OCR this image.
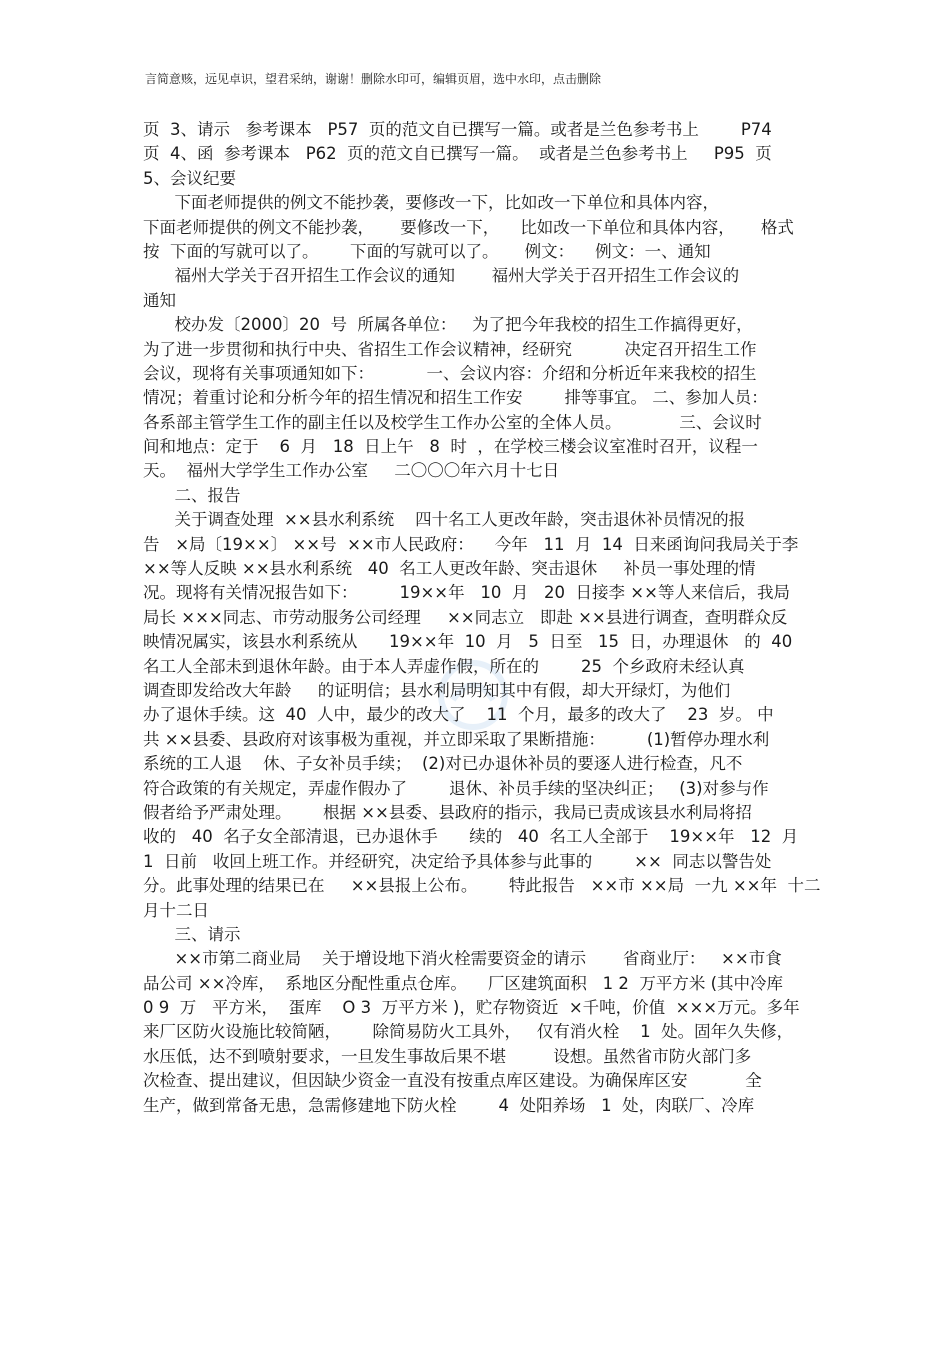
言简意赅，远见卓识，望君采纳，谢谢！删除水印可，编辑页眉，选中水印，点击删除
页  3、请示   参考课本   P57  页的范文自已撰写一篇。或者是兰色参考书上        P74
页  4、函  参考课本   P62  页的范文自已撰写一篇。  或者是兰色参考书上     P95  页
5、会议纪要
下面老师提供的例文不能抄袭，要修改一下，比如改一下单位和具体内容，
下面老师提供的例文不能抄袭，     要修改一下，    比如改一下单位和具体内容，     格式
按  下面的写就可以了。      下面的写就可以了。     例文：    例文：一、通知
福州大学关于召开招生工作会议的通知       福州大学关于召开招生工作会议的
通知
校办发〔2000〕20  号  所属各单位：   为了把今年我校的招生工作搞得更好，
为了进一步贯彻和执行中央、省招生工作会议精神，经研究          决定召开招生工作
会议，现将有关事项通知如下：          一、会议内容：介绍和分析近年来我校的招生
情况；着重讨论和分析今年的招生情况和招生工作安        排等事宜。 二、参加人员：
各系部主管学生工作的副主任以及校学生工作办公室的全体人员。           三、会议时
间和地点：定于    6  月   18  日上午   8  时  ，在学校三楼会议室准时召开，议程一
天。  福州大学学生工作办公室     二〇〇〇年六月十七日
二、报告
关于调查处理  ××县水利系统    四十名工人更改年龄，突击退休补员情况的报
告   ×局〔19××〕 ××号  ××市人民政府：    今年   11  月  14  日来函询问我局关于李
××等人反映 ××县水利系统   40  名工人更改年龄、突击退休     补员一事处理的情
况。现将有关情况报告如下：        19××年   10  月   20  日接李 ××等人来信后，我局
局长 ×××同志、市劳动服务公司经理     ××同志立   即赴 ××县进行调查，查明群众反
映情况属实，该县水利系统从      19××年  10  月   5  日至   15  日，办理退休   的  40
名工人全部未到退休年龄。由于本人弄虚作假，所在的        25  个乡政府未经认真
调查即发给改大年龄     的证明信；县水利局明知其中有假，却大开绿灯，为他们
办了退休手续。这  40  人中，最少的改大了    11  个月，最多的改大了    23  岁。 中
共 ××县委、县政府对该事极为重视，并立即采取了果断措施：        (1)暂停办理水利
系统的工人退    休、子女补员手续；  (2)对已办退休补员的要逐人进行检查，凡不
符合政策的有关规定，弄虚作假办了        退休、补员手续的坚决纠正；   (3)对参与作
假者给予严肃处理。      根据 ××县委、县政府的指示，我局已责成该县水利局将招
收的   40  名子女全部清退，已办退休手      续的   40  名工人全部于    19××年   12  月
1  日前   收回上班工作。并经研究，决定给予具体参与此事的        ××  同志以警告处
分。此事处理的结果已在     ××县报上公布。      特此报告   ××市 ××局  一九 ××年  十二
月十二日
三、请示
××市第二商业局    关于增设地下消火栓需要资金的请示       省商业厅：   ××市食
品公司 ××冷库，  系地区分配性重点仓库。    厂区建筑面积   1 2  万平方米 (其中冷库
0 9  万   平方米，  蛋库    O 3  万平方米 )，贮存物资近  ×千吨，价值  ×××万元。多年
来厂区防火设施比较简陋，      除简易防火工具外，   仅有消火栓    1  处。固年久失修，
水压低，达不到喷射要求，一旦发生事故后果不堪         设想。虽然省市防火部门多
次检查、提出建议，但因缺少资金一直没有按重点库区建设。为确保库区安           全
生产，做到常备无患，急需修建地下防火栓        4  处阳养场   1  处，肉联厂、冷库
